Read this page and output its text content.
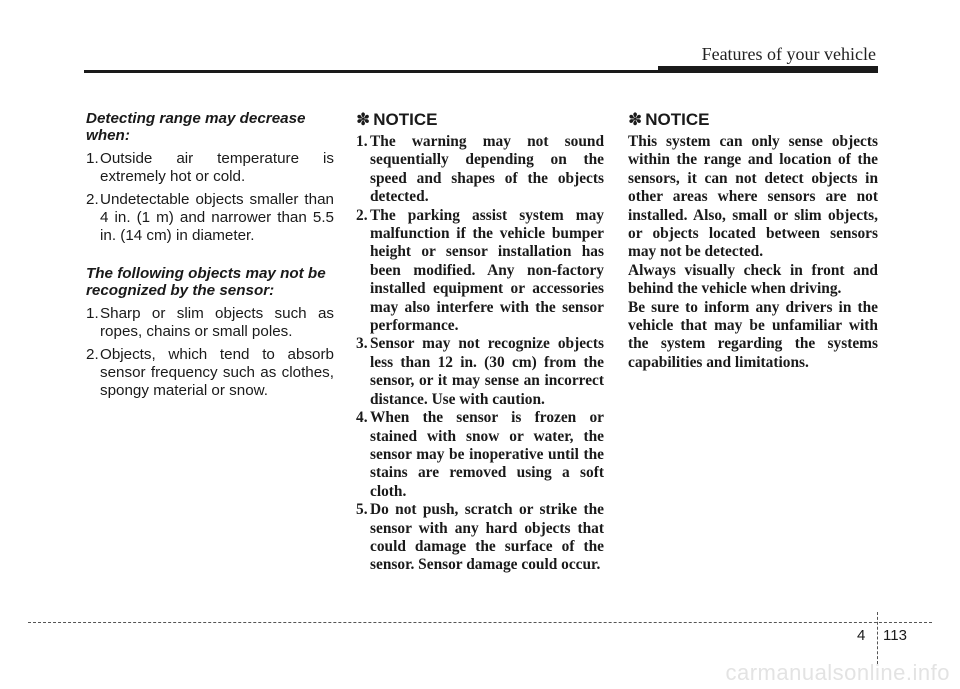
Features of your vehicle
Detecting range may decrease when:
1. Outside air temperature is extremely hot or cold.
2. Undetectable objects smaller than 4 in. (1 m) and narrower than 5.5 in. (14 cm) in diameter.
The following objects may not be recognized by the sensor:
1. Sharp or slim objects such as ropes, chains or small poles.
2. Objects, which tend to absorb sensor frequency such as clothes, spongy material or snow.
✽ NOTICE
1. The warning may not sound sequentially depending on the speed and shapes of the objects detected.
2. The parking assist system may malfunction if the vehicle bumper height or sensor installation has been modified. Any non-factory installed equipment or accessories may also interfere with the sensor performance.
3. Sensor may not recognize objects less than 12 in. (30 cm) from the sensor, or it may sense an incorrect distance. Use with caution.
4. When the sensor is frozen or stained with snow or water, the sensor may be inoperative until the stains are removed using a soft cloth.
5. Do not push, scratch or strike the sensor with any hard objects that could damage the surface of the sensor. Sensor damage could occur.
✽ NOTICE

This system can only sense objects within the range and location of the sensors, it can not detect objects in other areas where sensors are not installed. Also, small or slim objects, or objects located between sensors may not be detected.

Always visually check in front and behind the vehicle when driving.

Be sure to inform any drivers in the vehicle that may be unfamiliar with the system regarding the systems capabilities and limitations.

4 113
carmanualsonline.info
